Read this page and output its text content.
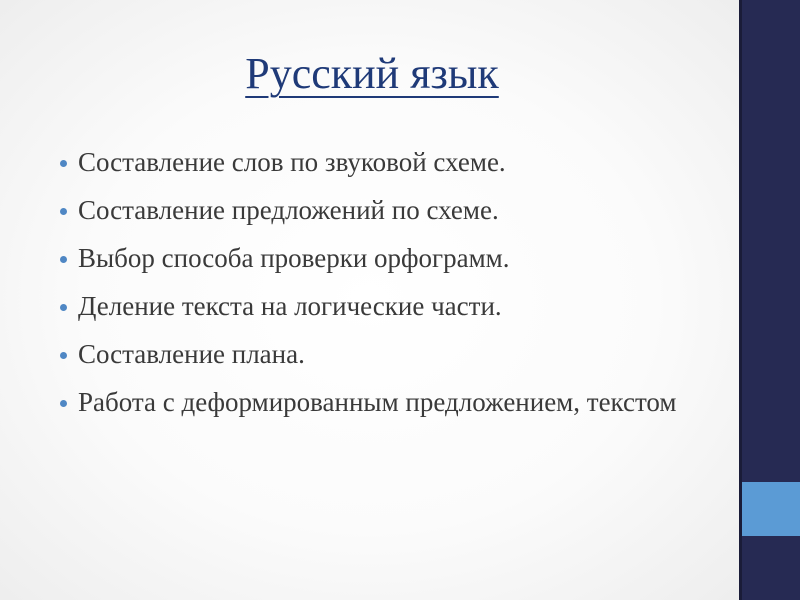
Русский язык
Составление слов по звуковой схеме.
Составление предложений по схеме.
Выбор способа проверки орфограмм.
Деление текста на логические части.
Составление плана.
Работа с деформированным предложением, текстом
